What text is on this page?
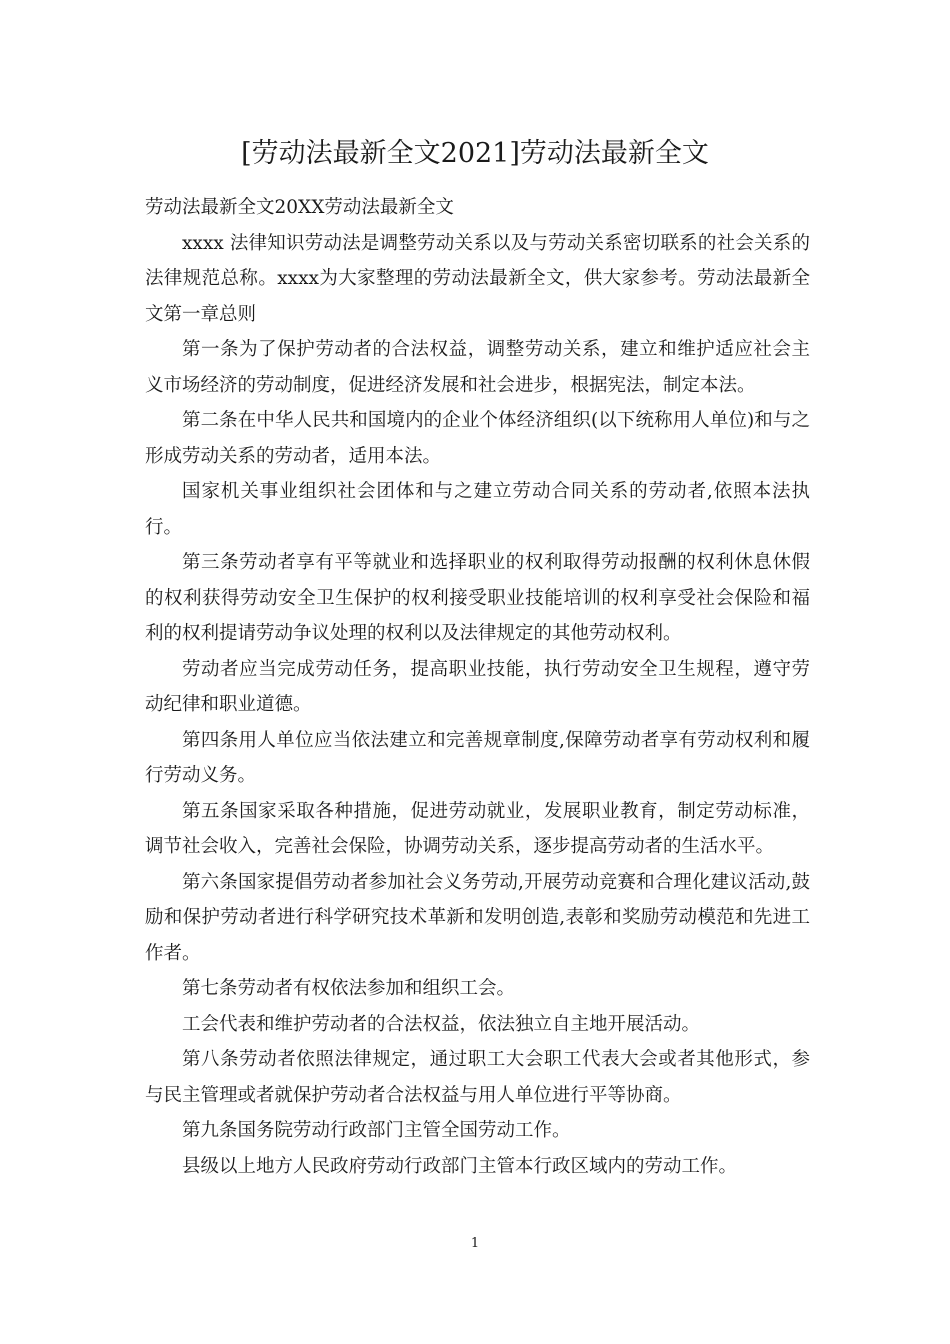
[劳动法最新全文2021]劳动法最新全文

劳动法最新全文20XX劳动法最新全文

xxxx 法律知识劳动法是调整劳动关系以及与劳动关系密切联系的社会关系的法律规范总称。xxxx为大家整理的劳动法最新全文，供大家参考。劳动法最新全文第一章总则

第一条为了保护劳动者的合法权益，调整劳动关系，建立和维护适应社会主义市场经济的劳动制度，促进经济发展和社会进步，根据宪法，制定本法。

第二条在中华人民共和国境内的企业个体经济组织(以下统称用人单位)和与之形成劳动关系的劳动者，适用本法。

国家机关事业组织社会团体和与之建立劳动合同关系的劳动者,依照本法执行。

第三条劳动者享有平等就业和选择职业的权利取得劳动报酬的权利休息休假的权利获得劳动安全卫生保护的权利接受职业技能培训的权利享受社会保险和福利的权利提请劳动争议处理的权利以及法律规定的其他劳动权利。

劳动者应当完成劳动任务，提高职业技能，执行劳动安全卫生规程，遵守劳动纪律和职业道德。

第四条用人单位应当依法建立和完善规章制度,保障劳动者享有劳动权利和履行劳动义务。

第五条国家采取各种措施，促进劳动就业，发展职业教育，制定劳动标准，调节社会收入，完善社会保险，协调劳动关系，逐步提高劳动者的生活水平。

第六条国家提倡劳动者参加社会义务劳动,开展劳动竞赛和合理化建议活动,鼓励和保护劳动者进行科学研究技术革新和发明创造,表彰和奖励劳动模范和先进工作者。

第七条劳动者有权依法参加和组织工会。

工会代表和维护劳动者的合法权益，依法独立自主地开展活动。

第八条劳动者依照法律规定，通过职工大会职工代表大会或者其他形式，参与民主管理或者就保护劳动者合法权益与用人单位进行平等协商。

第九条国务院劳动行政部门主管全国劳动工作。

县级以上地方人民政府劳动行政部门主管本行政区域内的劳动工作。

1
